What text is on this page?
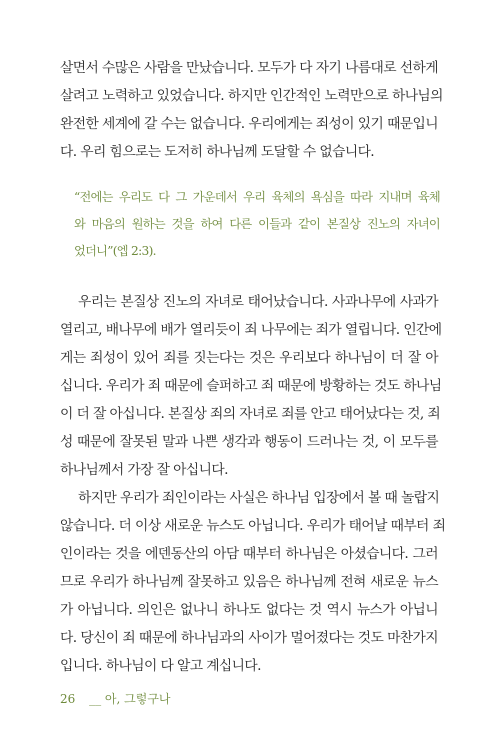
살면서 수많은 사람을 만났습니다. 모두가 다 자기 나름대로 선하게
살려고 노력하고 있었습니다. 하지만 인간적인 노력만으로 하나님의
완전한 세계에 갈 수는 없습니다. 우리에게는 죄성이 있기 때문입니
다. 우리 힘으로는 도저히 하나님께 도달할 수 없습니다.
“전에는 우리도 다 그 가운데서 우리 육체의 욕심을 따라 지내며 육체
와 마음의 원하는 것을 하여 다른 이들과 같이 본질상 진노의 자녀이
었더니”(엡 2:3).
우리는 본질상 진노의 자녀로 태어났습니다. 사과나무에 사과가
열리고, 배나무에 배가 열리듯이 죄 나무에는 죄가 열립니다. 인간에
게는 죄성이 있어 죄를 짓는다는 것은 우리보다 하나님이 더 잘 아
십니다. 우리가 죄 때문에 슬퍼하고 죄 때문에 방황하는 것도 하나님
이 더 잘 아십니다. 본질상 죄의 자녀로 죄를 안고 태어났다는 것, 죄
성 때문에 잘못된 말과 나쁜 생각과 행동이 드러나는 것, 이 모두를
하나님께서 가장 잘 아십니다.
하지만 우리가 죄인이라는 사실은 하나님 입장에서 볼 때 놀랍지
않습니다. 더 이상 새로운 뉴스도 아닙니다. 우리가 태어날 때부터 죄
인이라는 것을 에덴동산의 아담 때부터 하나님은 아셨습니다. 그러
므로 우리가 하나님께 잘못하고 있음은 하나님께 전혀 새로운 뉴스
가 아닙니다. 의인은 없나니 하나도 없다는 것 역시 뉴스가 아닙니
다. 당신이 죄 때문에 하나님과의 사이가 멀어졌다는 것도 마찬가지
26 __ 아, 그렇구나
입니다. 하나님이 다 알고 계십니다.
